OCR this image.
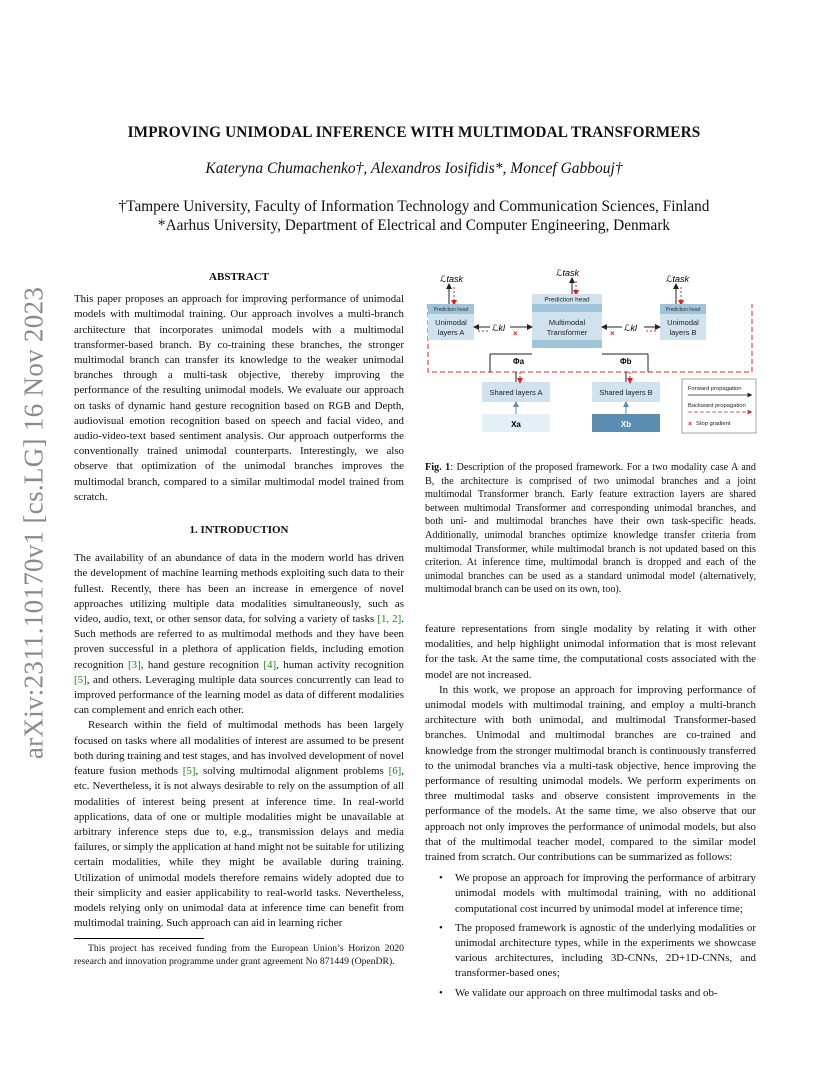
arXiv:2311.10170v1 [cs.LG] 16 Nov 2023
IMPROVING UNIMODAL INFERENCE WITH MULTIMODAL TRANSFORMERS
Kateryna Chumachenko†, Alexandros Iosifidis*, Moncef Gabbouj†
†Tampere University, Faculty of Information Technology and Communication Sciences, Finland
*Aarhus University, Department of Electrical and Computer Engineering, Denmark
ABSTRACT

This paper proposes an approach for improving performance of unimodal models with multimodal training. Our approach involves a multi-branch architecture that incorporates unimodal models with a multimodal transformer-based branch. By co-training these branches, the stronger multimodal branch can transfer its knowledge to the weaker unimodal branches through a multi-task objective, thereby improving the performance of the resulting unimodal models. We evaluate our approach on tasks of dynamic hand gesture recognition based on RGB and Depth, audiovisual emotion recognition based on speech and facial video, and audio-video-text based sentiment analysis. Our approach outperforms the conventionally trained unimodal counterparts. Interestingly, we also observe that optimization of the unimodal branches improves the multimodal branch, compared to a similar multimodal model trained from scratch.

1. INTRODUCTION

The availability of an abundance of data in the modern world has driven the development of machine learning methods exploiting such data to their fullest. Recently, there has been an increase in emergence of novel approaches utilizing multiple data modalities simultaneously, such as video, audio, text, or other sensor data, for solving a variety of tasks [1, 2]. Such methods are referred to as multimodal methods and they have been proven successful in a plethora of application fields, including emotion recognition [3], hand gesture recognition [4], human activity recognition [5], and others. Leveraging multiple data sources concurrently can lead to improved performance of the learning model as data of different modalities can complement and enrich each other.

Research within the field of multimodal methods has been largely focused on tasks where all modalities of interest are assumed to be present both during training and test stages, and has involved development of novel feature fusion methods [5], solving multimodal alignment problems [6], etc. Nevertheless, it is not always desirable to rely on the assumption of all modalities of interest being present at inference time. In real-world applications, data of one or multiple modalities might be unavailable at arbitrary inference steps due to, e.g., transmission delays and media failures, or simply the application at hand might not be suitable for utilizing certain modalities, while they might be available during training. Utilization of unimodal models therefore remains widely adopted due to their simplicity and easier applicability to real-world tasks. Nevertheless, models relying only on unimodal data at inference time can benefit from multimodal training. Such approach can aid in learning richer

This project has received funding from the European Union’s Horizon 2020 research and innovation programme under grant agreement No 871449 (OpenDR).
ℒtask
ℒtask
ℒtask
Prediction head
Unimodal
layers A
Prediction head
Unimodal
layers B
Prediction head
Multimodal
Transformer
ℒkl	ℒkl
×	×
Φa	Φb
Shared layers A	Shared layers B
Xa	Xb
Forward propagation
Backward propagation
× Stop gradient

Fig. 1: Description of the proposed framework. For a two modality case A and B, the architecture is comprised of two unimodal branches and a joint multimodal Transformer branch. Early feature extraction layers are shared between multimodal Transformer and corresponding unimodal branches, and both uni- and multimodal branches have their own task-specific heads. Additionally, unimodal branches optimize knowledge transfer criteria from multimodal Transformer, while multimodal branch is not updated based on this criterion. At inference time, multimodal branch is dropped and each of the unimodal branches can be used as a standard unimodal model (alternatively, multimodal branch can be used on its own, too).

feature representations from single modality by relating it with other modalities, and help highlight unimodal information that is most relevant for the task. At the same time, the computational costs associated with the model are not increased.

In this work, we propose an approach for improving performance of unimodal models with multimodal training, and employ a multi-branch architecture with both unimodal, and multimodal Transformer-based branches. Unimodal and multimodal branches are co-trained and knowledge from the stronger multimodal branch is continuously transferred to the unimodal branches via a multi-task objective, hence improving the performance of resulting unimodal models. We perform experiments on three multimodal tasks and observe consistent improvements in the performance of the models. At the same time, we also observe that our approach not only improves the performance of unimodal models, but also that of the multimodal teacher model, compared to the similar model trained from scratch. Our contributions can be summarized as follows:

• We propose an approach for improving the performance of arbitrary unimodal models with multimodal training, with no additional computational cost incurred by unimodal model at inference time;
• The proposed framework is agnostic of the underlying modalities or unimodal architecture types, while in the experiments we showcase various architectures, including 3D-CNNs, 2D+1D-CNNs, and transformer-based ones;
• We validate our approach on three multimodal tasks and ob-
